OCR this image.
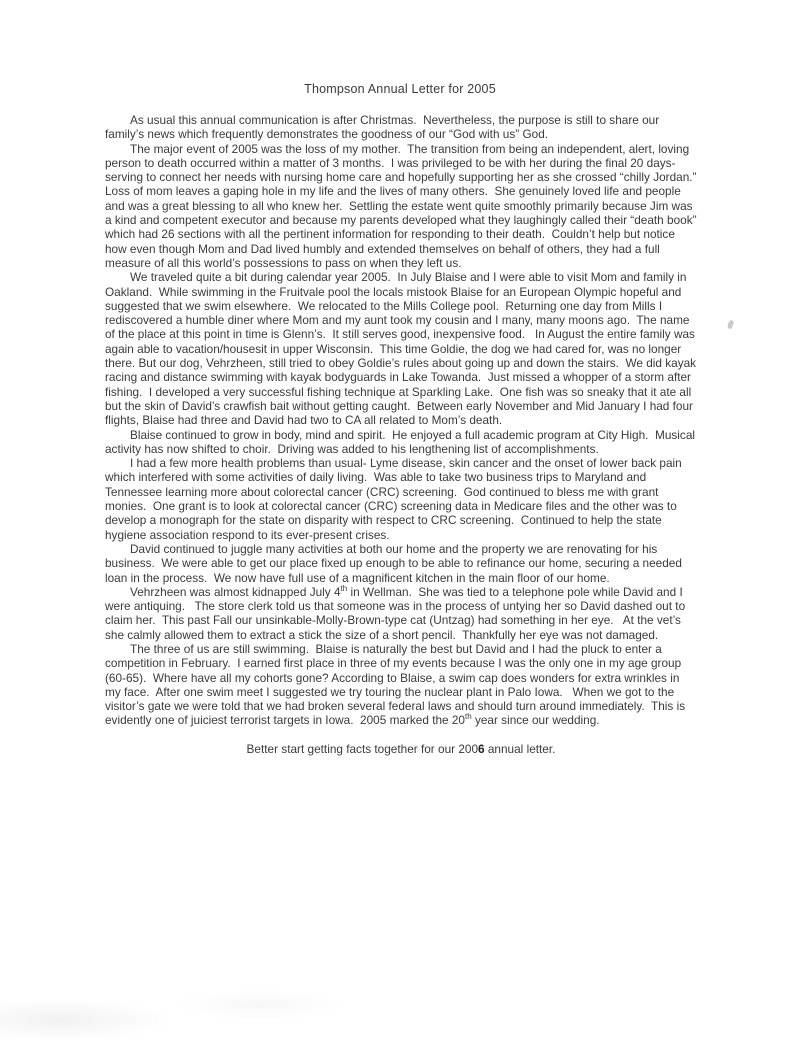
Thompson Annual Letter for 2005

As usual this annual communication is after Christmas.  Nevertheless, the purpose is still to share our family’s news which frequently demonstrates the goodness of our “God with us” God.

The major event of 2005 was the loss of my mother.  The transition from being an independent, alert, loving person to death occurred within a matter of 3 months.  I was privileged to be with her during the final 20 days- serving to connect her needs with nursing home care and hopefully supporting her as she crossed “chilly Jordan.”  Loss of mom leaves a gaping hole in my life and the lives of many others.  She genuinely loved life and people and was a great blessing to all who knew her.  Settling the estate went quite smoothly primarily because Jim was a kind and competent executor and because my parents developed what they laughingly called their “death book” which had 26 sections with all the pertinent information for responding to their death.  Couldn’t help but notice how even though Mom and Dad lived humbly and extended themselves on behalf of others, they had a full measure of all this world’s possessions to pass on when they left us.

We traveled quite a bit during calendar year 2005.  In July Blaise and I were able to visit Mom and family in Oakland.  While swimming in the Fruitvale pool the locals mistook Blaise for an European Olympic hopeful and suggested that we swim elsewhere.  We relocated to the Mills College pool.  Returning one day from Mills I rediscovered a humble diner where Mom and my aunt took my cousin and I many, many moons ago.  The name of the place at this point in time is Glenn’s.  It still serves good, inexpensive food.   In August the entire family was again able to vacation/housesit in upper Wisconsin.  This time Goldie, the dog we had cared for, was no longer there. But our dog, Vehrzheen, still tried to obey Goldie’s rules about going up and down the stairs.  We did kayak racing and distance swimming with kayak bodyguards in Lake Towanda.  Just missed a whopper of a storm after fishing.  I developed a very successful fishing technique at Sparkling Lake.  One fish was so sneaky that it ate all but the skin of David’s crawfish bait without getting caught.  Between early November and Mid January I had four flights, Blaise had three and David had two to CA all related to Mom’s death.

Blaise continued to grow in body, mind and spirit.  He enjoyed a full academic program at City High.  Musical activity has now shifted to choir.  Driving was added to his lengthening list of accomplishments.

I had a few more health problems than usual- Lyme disease, skin cancer and the onset of lower back pain which interfered with some activities of daily living.  Was able to take two business trips to Maryland and Tennessee learning more about colorectal cancer (CRC) screening.  God continued to bless me with grant monies.  One grant is to look at colorectal cancer (CRC) screening data in Medicare files and the other was to develop a monograph for the state on disparity with respect to CRC screening.  Continued to help the state hygiene association respond to its ever-present crises.

David continued to juggle many activities at both our home and the property we are renovating for his business.  We were able to get our place fixed up enough to be able to refinance our home, securing a needed loan in the process.  We now have full use of a magnificent kitchen in the main floor of our home.

Vehrzheen was almost kidnapped July 4th in Wellman.  She was tied to a telephone pole while David and I were antiquing.   The store clerk told us that someone was in the process of untying her so David dashed out to claim her.  This past Fall our unsinkable-Molly-Brown-type cat (Untzag) had something in her eye.   At the vet’s she calmly allowed them to extract a stick the size of a short pencil.  Thankfully her eye was not damaged.

The three of us are still swimming.  Blaise is naturally the best but David and I had the pluck to enter a competition in February.  I earned first place in three of my events because I was the only one in my age group (60-65).  Where have all my cohorts gone? According to Blaise, a swim cap does wonders for extra wrinkles in my face.  After one swim meet I suggested we try touring the nuclear plant in Palo Iowa.   When we got to the visitor’s gate we were told that we had broken several federal laws and should turn around immediately.  This is evidently one of juiciest terrorist targets in Iowa.  2005 marked the 20th year since our wedding.

Better start getting facts together for our 2006 annual letter.
